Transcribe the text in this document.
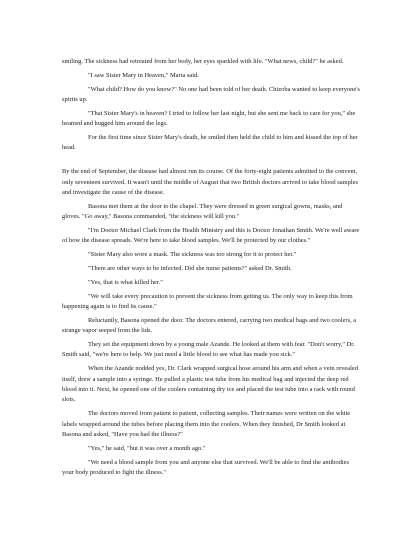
smiling. The sickness had retreated from her body, her eyes sparkled with life. "What news, child?" he asked.

"I saw Sister Mary in Heaven," Marta said.

"What child? How do you know?" No one had been told of her death. Chizoba wanted to keep everyone's spirits up.

"That Sister Mary's in heaven? I tried to follow her last night, but she sent me back to care for you," she beamed and hugged him around the legs.

For the first time since Sister Mary's death, he smiled then held the child to him and kissed the top of her head.

By the end of September, the disease had almost run its course. Of the forty-eight patients admitted to the convent, only seventeen survived. It wasn't until the middle of August that two British doctors arrived to take blood samples and investigate the cause of the disease.

Basona met them at the door to the chapel. They were dressed in green surgical gowns, masks, and gloves. "Go away," Basona commanded, "the sickness will kill you."

"I'm Doctor Michael Clark from the Health Ministry and this is Doctor Jonathan Smith. We're well aware of how the disease spreads. We're here to take blood samples. We'll be protected by our clothes."

"Sister Mary also wore a mask. The sickness was too strong for it to protect her."

"There are other ways to be infected. Did she nurse patients?" asked Dr. Smith.

"Yes, that is what killed her."

"We will take every precaution to prevent the sickness from getting us. The only way to keep this from happening again is to find its cause."

Reluctantly, Basona opened the door. The doctors entered, carrying two medical bags and two coolers, a strange vapor seeped from the lids.

They set the equipment down by a young male Azande. He looked at them with fear. "Don't worry," Dr. Smith said, "we're here to help. We just need a little blood to see what has made you sick."

When the Azande nodded yes, Dr. Clark wrapped surgical hose around his arm and when a vein revealed itself, drew a sample into a syringe. He pulled a plastic test tube from his medical bag and injected the deep red blood into it. Next, he opened one of the coolers containing dry ice and placed the test tube into a rack with round slots.

The doctors moved from patient to patient, collecting samples. Their names were written on the white labels wrapped around the tubes before placing them into the coolers. When they finished, Dr Smith looked at Basona and asked, "Have you had the illness?"

"Yes," he said, "but it was over a month ago."

"We need a blood sample from you and anyone else that survived. We'll be able to find the antibodies your body produced to fight the illness."
